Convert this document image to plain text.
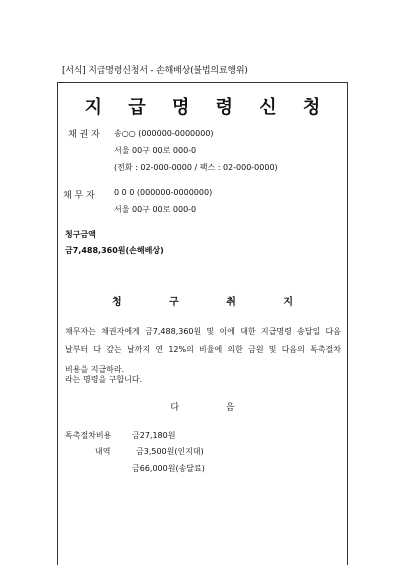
[서식] 지급명령신청서 - 손해배상(불법의료행위)
지 급 명 령 신 청
채 권 자 송○○ (000000-0000000)
서울 00구 00로 000-0
(전화 : 02-000-0000 / 팩스 : 02-000-0000)
채 무 자 0 0 0 (000000-0000000)
서울 00구 00로 000-0
청구금액
금7,488,360원(손해배상)
청 구 취 지
채무자는 채권자에게 금7,488,360원 및 이에 대한 지급명령 송달일 다음
날부터 다 갚는 날까지 연 12%의 비율에 의한 금원 및 다음의 독촉절차
비용을 지급하라.
라는 명령을 구합니다.
다 음
독촉절차비용	금27,180원
내역	금3,500원(인지대)
금66,000원(송달료)
